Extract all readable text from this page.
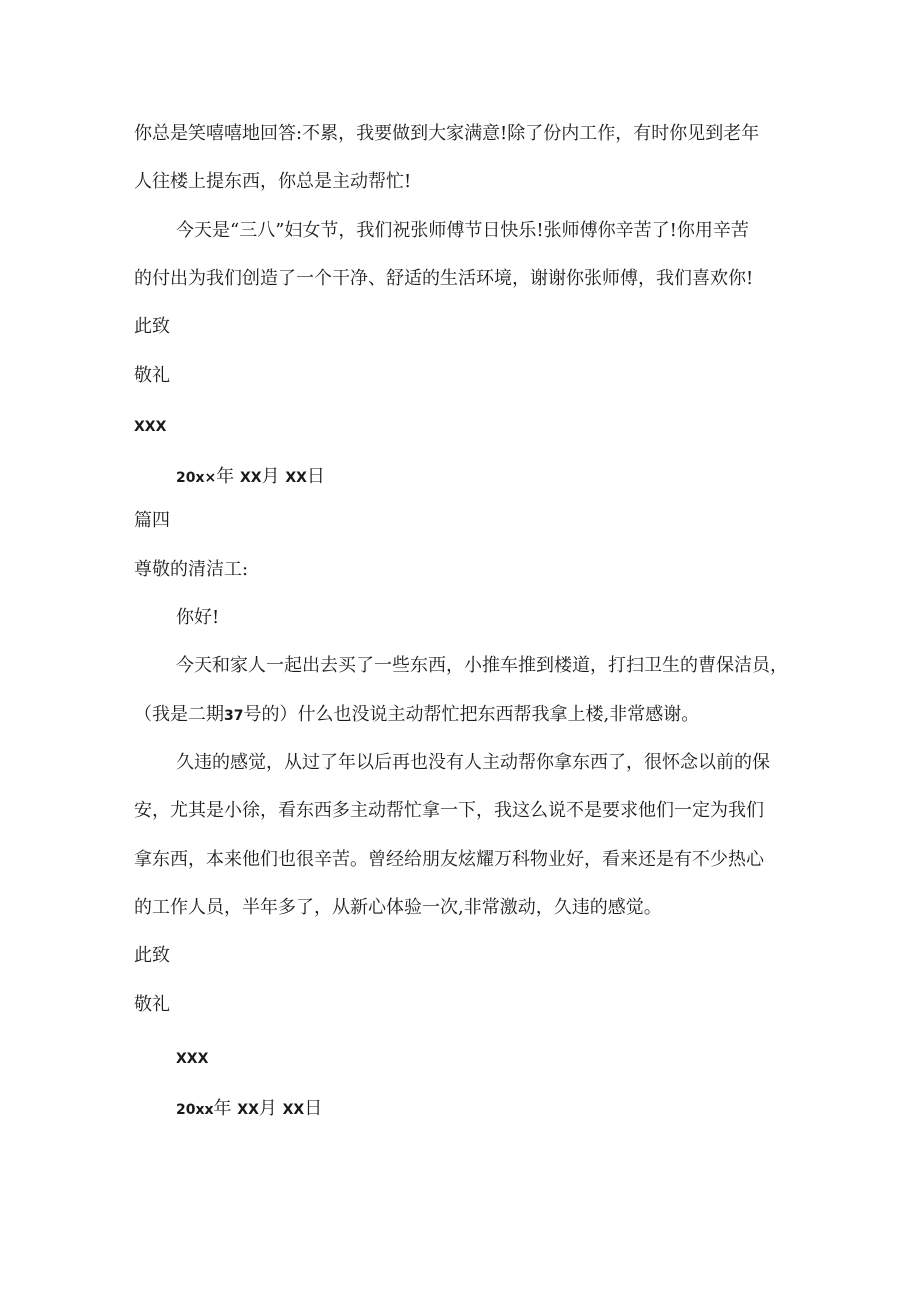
你总是笑嘻嘻地回答:不累，我要做到大家满意!除了份内工作，有时你见到老年
人往楼上提东西，你总是主动帮忙!
今天是“三八”妇女节，我们祝张师傅节日快乐!张师傅你辛苦了!你用辛苦
的付出为我们创造了一个干净、舒适的生活环境，谢谢你张师傅，我们喜欢你!
此致
敬礼
XXX
20x×年 XX月 XX日
篇四
尊敬的清洁工:
你好!
今天和家人一起出去买了一些东西，小推车推到楼道，打扫卫生的曹保洁员，
（我是二期37号的）什么也没说主动帮忙把东西帮我拿上楼,非常感谢。
久违的感觉，从过了年以后再也没有人主动帮你拿东西了，很怀念以前的保
安，尤其是小徐，看东西多主动帮忙拿一下，我这么说不是要求他们一定为我们
拿东西，本来他们也很辛苦。曾经给朋友炫耀万科物业好，看来还是有不少热心
的工作人员，半年多了，从新心体验一次,非常激动，久违的感觉。
此致
敬礼
XXX
20xx年 XX月 XX日
